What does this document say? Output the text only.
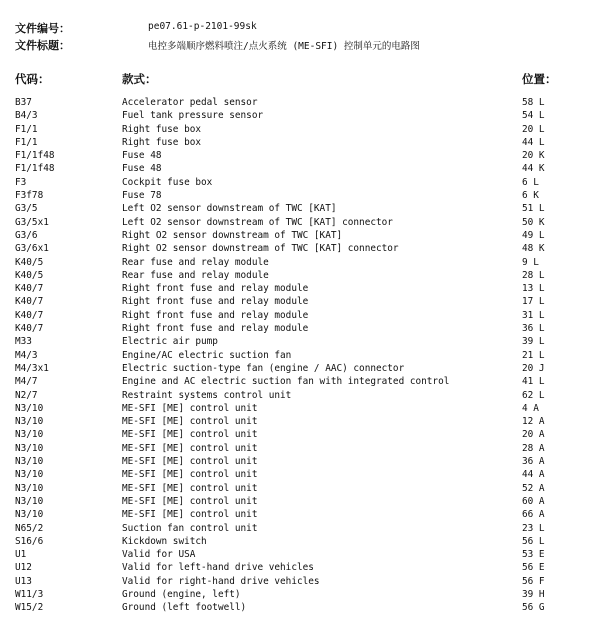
文件编号：	pe07.61-p-2101-99sk
文件标题：	电控多端顺序燃料喷注/点火系统 (ME-SFI) 控制单元的电路图
代码：	款式：	位置：
B37	Accelerator pedal sensor	58 L
B4/3	Fuel tank pressure sensor	54 L
F1/1	Right fuse box	20 L
F1/1	Right fuse box	44 L
F1/1f48	Fuse 48	20 K
F1/1f48	Fuse 48	44 K
F3	Cockpit fuse box	6 L
F3f78	Fuse 78	6 K
G3/5	Left O2 sensor downstream of TWC [KAT]	51 L
G3/5x1	Left O2 sensor downstream of TWC [KAT] connector	50 K
G3/6	Right O2 sensor downstream of TWC [KAT]	49 L
G3/6x1	Right O2 sensor downstream of TWC [KAT] connector	48 K
K40/5	Rear fuse and relay module	9 L
K40/5	Rear fuse and relay module	28 L
K40/7	Right front fuse and relay module	13 L
K40/7	Right front fuse and relay module	17 L
K40/7	Right front fuse and relay module	31 L
K40/7	Right front fuse and relay module	36 L
M33	Electric air pump	39 L
M4/3	Engine/AC electric suction fan	21 L
M4/3x1	Electric suction-type fan (engine / AAC) connector	20 J
M4/7	Engine and AC electric suction fan with integrated control	41 L
N2/7	Restraint systems control unit	62 L
N3/10	ME-SFI [ME] control unit	4 A
N3/10	ME-SFI [ME] control unit	12 A
N3/10	ME-SFI [ME] control unit	20 A
N3/10	ME-SFI [ME] control unit	28 A
N3/10	ME-SFI [ME] control unit	36 A
N3/10	ME-SFI [ME] control unit	44 A
N3/10	ME-SFI [ME] control unit	52 A
N3/10	ME-SFI [ME] control unit	60 A
N3/10	ME-SFI [ME] control unit	66 A
N65/2	Suction fan control unit	23 L
S16/6	Kickdown switch	56 L
U1	Valid for USA	53 E
U12	Valid for left-hand drive vehicles	56 E
U13	Valid for right-hand drive vehicles	56 F
W11/3	Ground (engine, left)	39 H
W15/2	Ground (left footwell)	56 G
